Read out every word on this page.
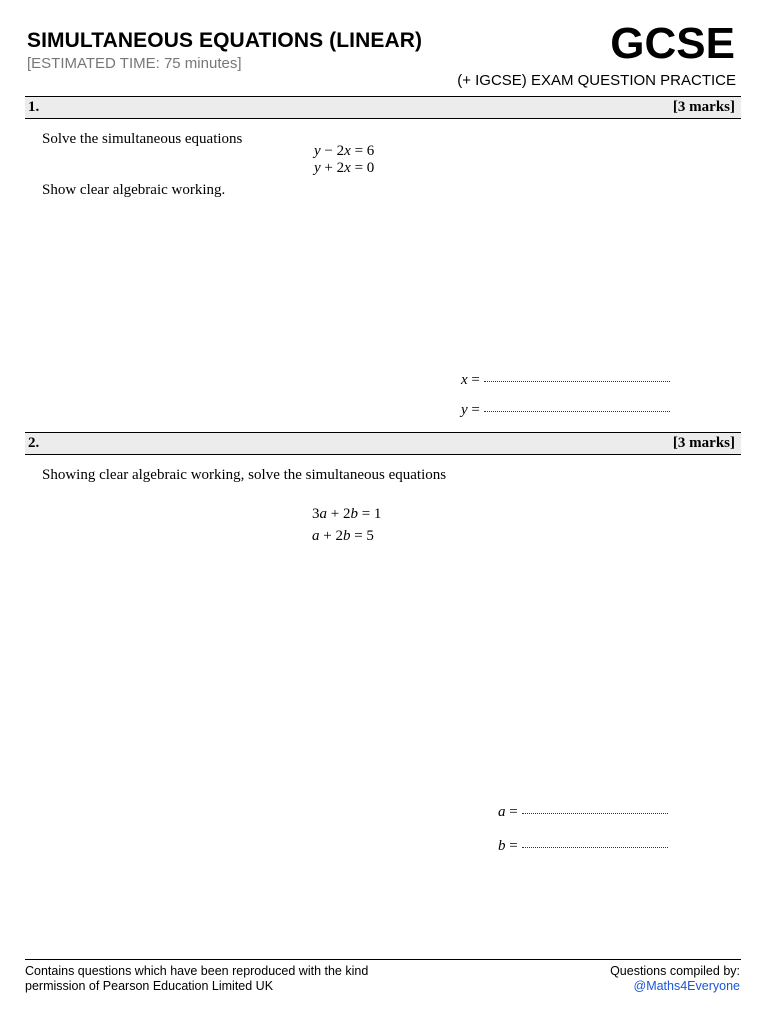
SIMULTANEOUS EQUATIONS (LINEAR)
[ESTIMATED TIME: 75 minutes]	GCSE
(+ IGCSE) EXAM QUESTION PRACTICE
1.	[3 marks]
Solve the simultaneous equations
y − 2x = 6
y + 2x = 0
Show clear algebraic working.
x =
y =
2.	[3 marks]
Showing clear algebraic working, solve the simultaneous equations
3a + 2b = 1
a + 2b = 5
a =
b =
Contains questions which have been reproduced with the kind
permission of Pearson Education Limited UK
Questions compiled by:
@Maths4Everyone
